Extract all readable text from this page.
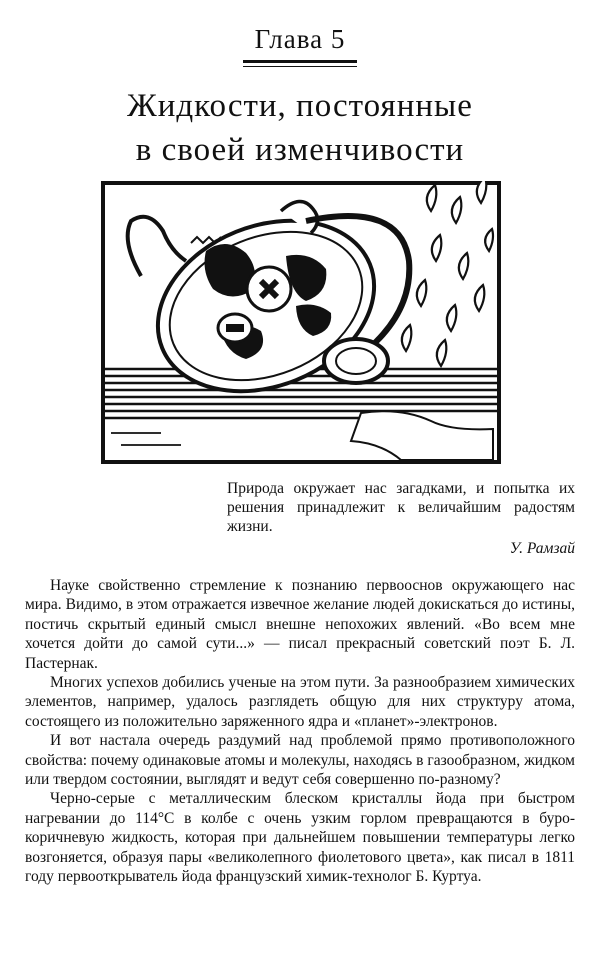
Глава 5
Жидкости, постоянные
в своей изменчивости
Природа окружает нас загадками, и попытка их решения принадлежит к величайшим радостям жизни.
У. Рамзай

Науке свойственно стремление к познанию первооснов окружающего нас мира. Видимо, в этом отражается извечное желание людей докискаться до истины, постичь скрытый единый смысл внешне непохожих явлений. «Во всем мне хочется дойти до самой сути...» — писал прекрасный советский поэт Б. Л. Пастернак.

Многих успехов добились ученые на этом пути. За разнообразием химических элементов, например, удалось разглядеть общую для них структуру атома, состоящего из положительно заряженного ядра и «планет»-электронов.

И вот настала очередь раздумий над проблемой прямо противоположного свойства: почему одинаковые атомы и молекулы, находясь в газообразном, жидком или твердом состоянии, выглядят и ведут себя совершенно по-разному?

Черно-серые с металлическим блеском кристаллы йода при быстром нагревании до 114°С в колбе с очень узким горлом превращаются в буро-коричневую жидкость, которая при дальнейшем повышении температуры легко возгоняется, образуя пары «великолепного фиолетового цвета», как писал в 1811 году первооткрыватель йода французский химик-технолог Б. Куртуа.
